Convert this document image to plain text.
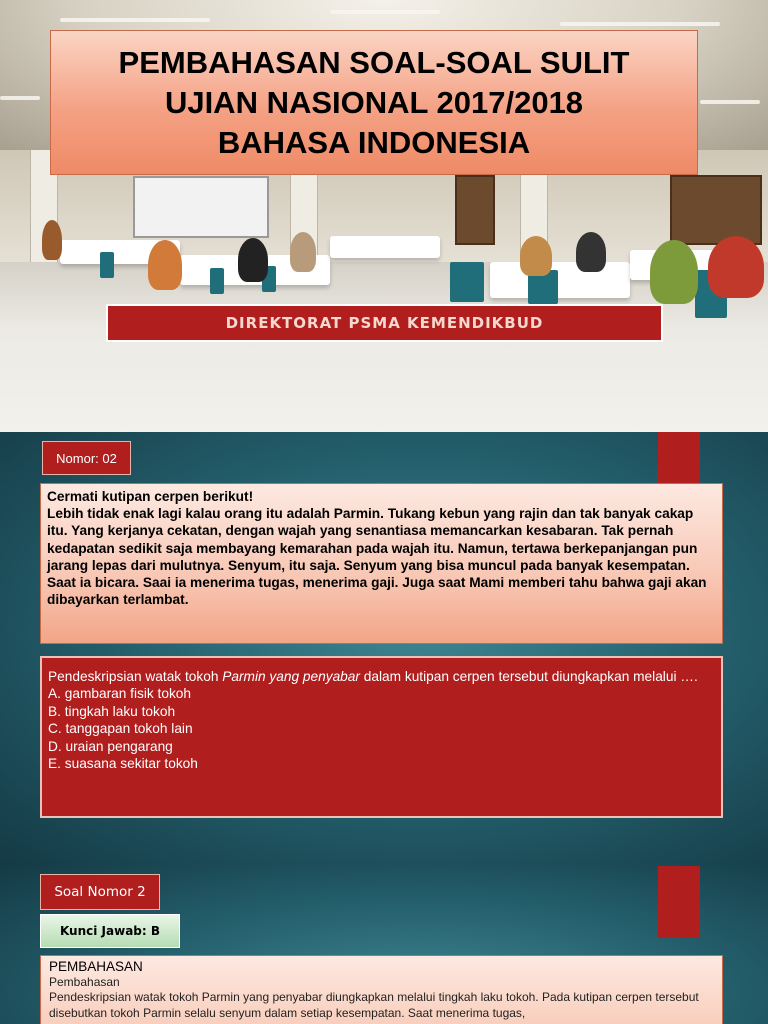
PEMBAHASAN SOAL-SOAL SULIT
UJIAN NASIONAL 2017/2018
BAHASA INDONESIA
DIREKTORAT PSMA KEMENDIKBUD
Nomor: 02

Cermati kutipan cerpen berikut!

Lebih tidak enak lagi kalau orang itu adalah Parmin. Tukang kebun yang rajin dan tak banyak cakap itu. Yang kerjanya cekatan, dengan wajah yang senantiasa memancarkan kesabaran. Tak pernah kedapatan sedikit saja membayang kemarahan pada wajah itu. Namun, tertawa berkepanjangan pun jarang lepas dari mulutnya. Senyum, itu saja. Senyum yang bisa muncul pada banyak kesempatan. Saat ia bicara. Saai ia menerima tugas, menerima gaji. Juga saat Mami memberi tahu bahwa gaji akan dibayarkan terlambat.

Pendeskripsian watak tokoh Parmin yang penyabar dalam kutipan cerpen tersebut diungkapkan melalui ….
A. gambaran fisik tokoh
B. tingkah laku tokoh
C. tanggapan tokoh lain
D. uraian pengarang
E. suasana sekitar tokoh
Soal Nomor 2
Kunci Jawab: B
PEMBAHASAN
Pembahasan
Pendeskripsian watak tokoh Parmin yang penyabar diungkapkan melalui tingkah laku tokoh. Pada kutipan cerpen tersebut disebutkan tokoh Parmin selalu senyum dalam setiap kesempatan. Saat menerima tugas,
